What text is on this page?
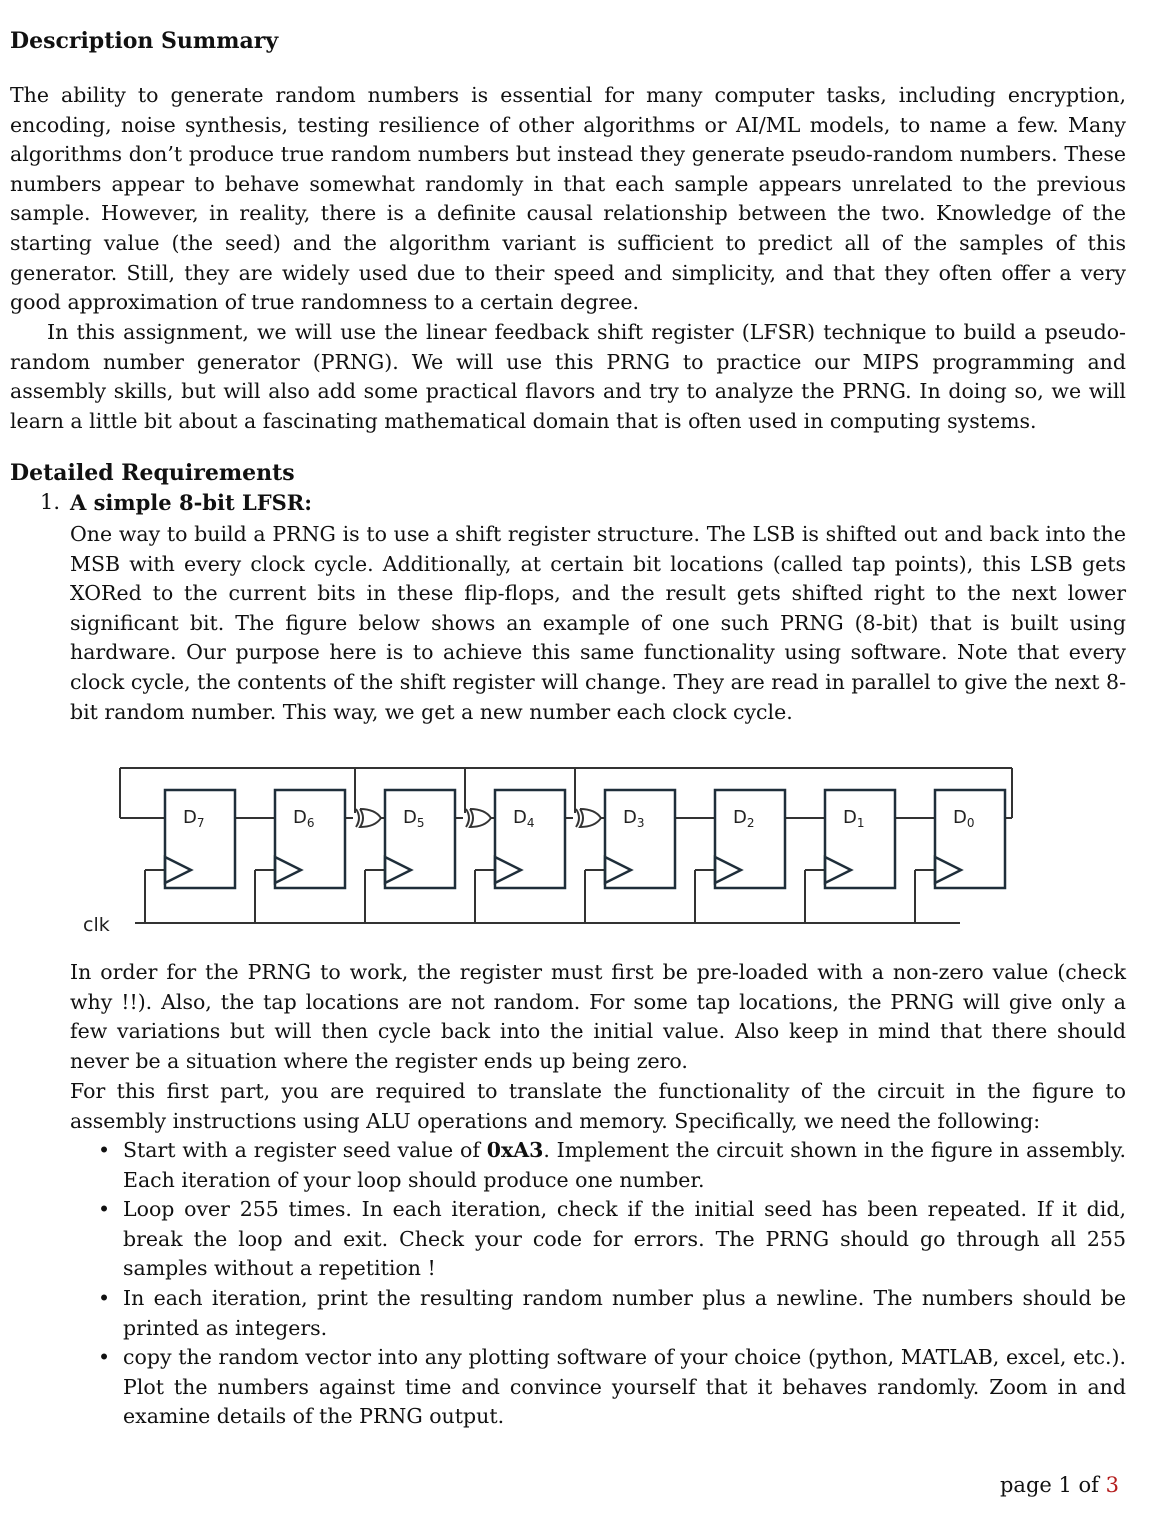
Description Summary
The ability to generate random numbers is essential for many computer tasks, including encryption, encoding, noise synthesis, testing resilience of other algorithms or AI/ML models, to name a few. Many algorithms don’t produce true random numbers but instead they generate pseudo-random numbers. These numbers appear to behave somewhat randomly in that each sample appears unrelated to the previous sample. However, in reality, there is a definite causal relationship between the two. Knowledge of the starting value (the seed) and the algorithm variant is sufficient to predict all of the samples of this generator. Still, they are widely used due to their speed and simplicity, and that they often offer a very good approximation of true randomness to a certain degree.
In this assignment, we will use the linear feedback shift register (LFSR) technique to build a pseudo-random number generator (PRNG). We will use this PRNG to practice our MIPS programming and assembly skills, but will also add some practical flavors and try to analyze the PRNG. In doing so, we will learn a little bit about a fascinating mathematical domain that is often used in computing systems.
Detailed Requirements
1. A simple 8-bit LFSR:
One way to build a PRNG is to use a shift register structure. The LSB is shifted out and back into the MSB with every clock cycle. Additionally, at certain bit locations (called tap points), this LSB gets XORed to the current bits in these flip-flops, and the result gets shifted right to the next lower significant bit. The figure below shows an example of one such PRNG (8-bit) that is built using hardware. Our purpose here is to achieve this same functionality using software. Note that every clock cycle, the contents of the shift register will change. They are read in parallel to give the next 8-bit random number. This way, we get a new number each clock cycle.
$D_7$	$D_6$	$D_5$	$D_4$	$D_3$	$D_2$	$D_1$	$D_0$
clk
In order for the PRNG to work, the register must first be pre-loaded with a non-zero value (check why !!). Also, the tap locations are not random. For some tap locations, the PRNG will give only a few variations but will then cycle back into the initial value. Also keep in mind that there should never be a situation where the register ends up being zero.
For this first part, you are required to translate the functionality of the circuit in the figure to assembly instructions using ALU operations and memory. Specifically, we need the following:
• Start with a register seed value of 0xA3. Implement the circuit shown in the figure in assembly. Each iteration of your loop should produce one number.
• Loop over 255 times. In each iteration, check if the initial seed has been repeated. If it did, break the loop and exit. Check your code for errors. The PRNG should go through all 255 samples without a repetition !
• In each iteration, print the resulting random number plus a newline. The numbers should be printed as integers.
• copy the random vector into any plotting software of your choice (python, MATLAB, excel, etc.). Plot the numbers against time and convince yourself that it behaves randomly. Zoom in and examine details of the PRNG output.
page 1 of 3
